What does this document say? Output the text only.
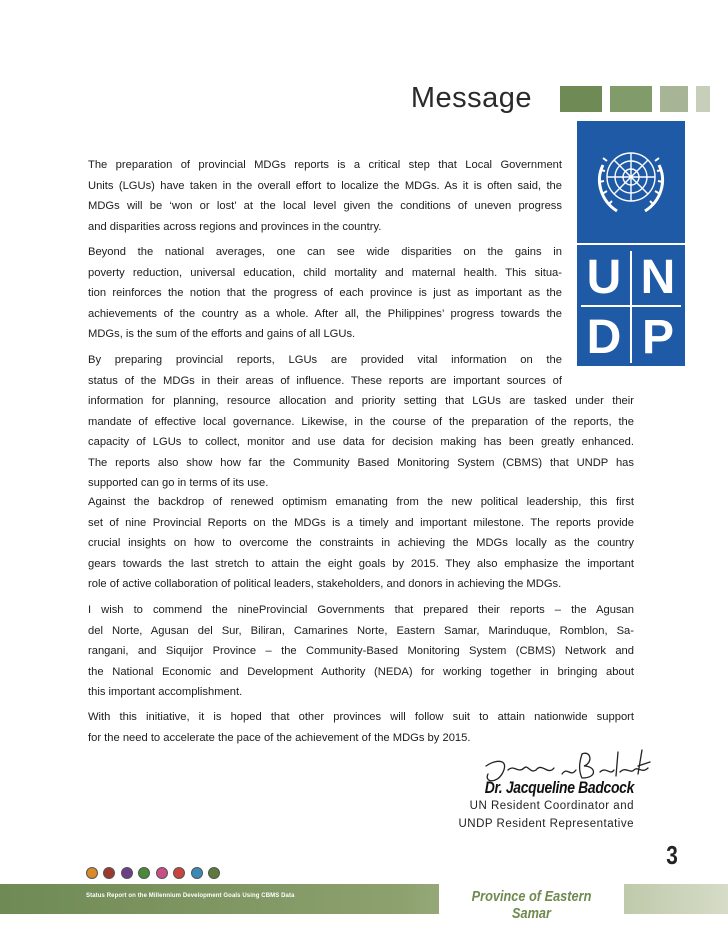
Message
U N
D P

The preparation of provincial MDGs reports is a critical step that Local Government
Units (LGUs) have taken in the overall effort to localize the MDGs. As it is often said, the
MDGs will be ‘won or lost’ at the local level given the conditions of uneven progress
and disparities across regions and provinces in the country.

Beyond the national averages, one can see wide disparities on the gains in
poverty reduction, universal education, child mortality and maternal health. This situa-
tion reinforces the notion that the progress of each province is just as important as the
achievements of the country as a whole. After all, the Philippines’ progress towards the
MDGs, is the sum of the efforts and gains of all LGUs.

By preparing provincial reports, LGUs are provided vital information on the
status of the MDGs in their areas of influence. These reports are important sources of

information for planning, resource allocation and priority setting that LGUs are tasked under their
mandate of effective local governance. Likewise, in the course of the preparation of the reports, the
capacity of LGUs to collect, monitor and use data for decision making has been greatly enhanced.
The reports also show how far the Community Based Monitoring System (CBMS) that UNDP has
supported can go in terms of its use.

Against the backdrop of renewed optimism emanating from the new political leadership, this first
set of nine Provincial Reports on the MDGs is a timely and important milestone. The reports provide
crucial insights on how to overcome the constraints in achieving the MDGs locally as the country
gears towards the last stretch to attain the eight goals by 2015. They also emphasize the important
role of active collaboration of political leaders, stakeholders, and donors in achieving the MDGs.

I wish to commend the nineProvincial Governments that prepared their reports – the Agusan
del Norte, Agusan del Sur, Biliran, Camarines Norte, Eastern Samar, Marinduque, Romblon, Sa-
rangani, and Siquijor Province – the Community-Based Monitoring System (CBMS) Network and
the National Economic and Development Authority (NEDA) for working together in bringing about
this important accomplishment.

With this initiative, it is hoped that other provinces will follow suit to attain nationwide support
for the need to accelerate the pace of the achievement of the MDGs by 2015.

Dr. Jacqueline Badcock
UN Resident Coordinator and
UNDP Resident Representative
3

Status Report on the Millennium Development Goals Using CBMS Data	Province of Eastern Samar
